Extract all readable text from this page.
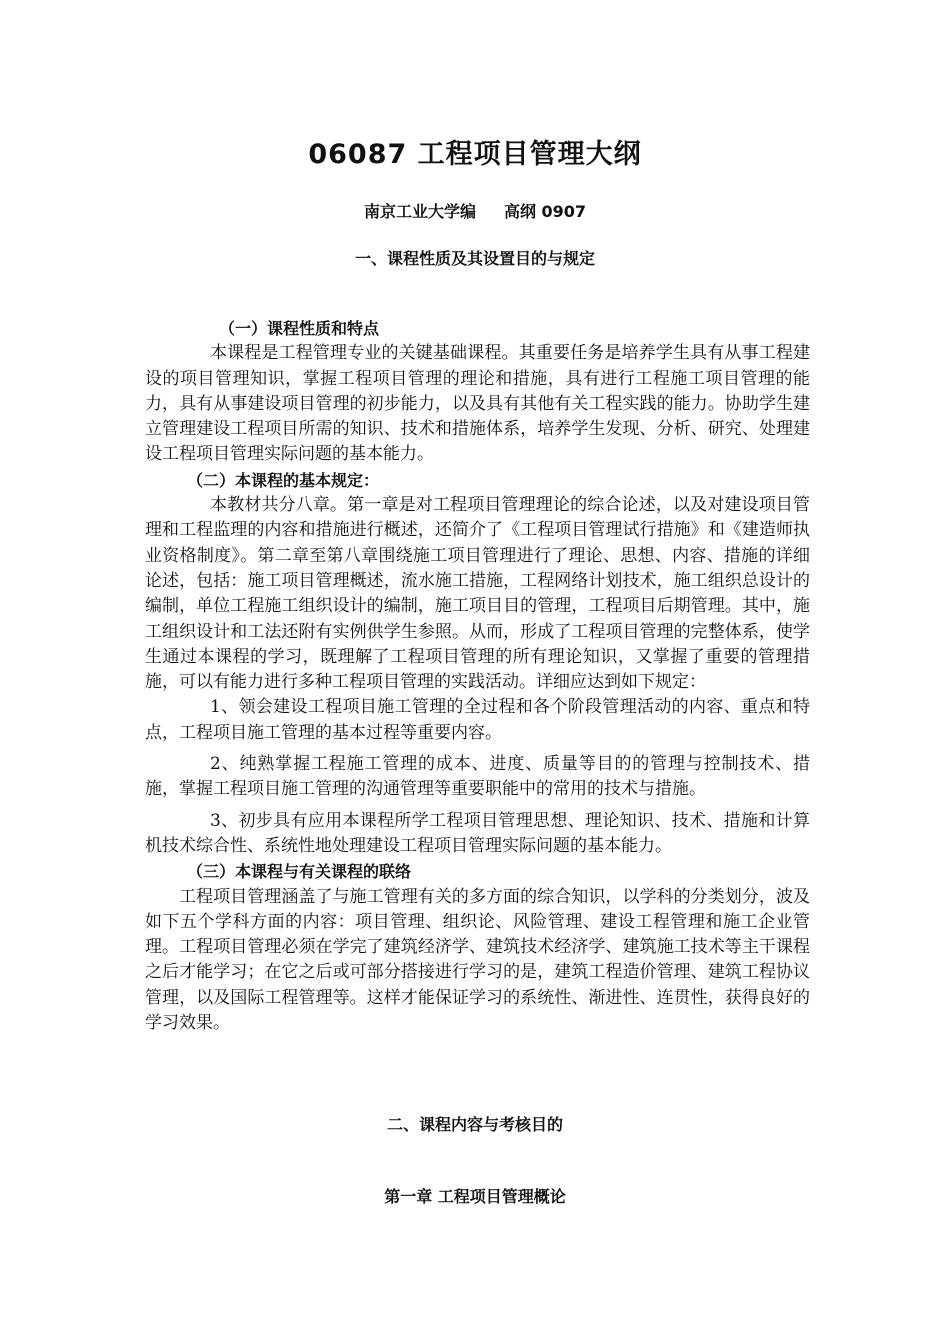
06087 工程项目管理大纲
南京工业大学编 高纲 0907
一、课程性质及其设置目的与规定
（一）课程性质和特点

本课程是工程管理专业的关键基础课程。其重要任务是培养学生具有从事工程建设的项目管理知识，掌握工程项目管理的理论和措施，具有进行工程施工项目管理的能力，具有从事建设项目管理的初步能力，以及具有其他有关工程实践的能力。协助学生建立管理建设工程项目所需的知识、技术和措施体系，培养学生发现、分析、研究、处理建设工程项目管理实际问题的基本能力。

（二）本课程的基本规定：

本教材共分八章。第一章是对工程项目管理理论的综合论述，以及对建设项目管理和工程监理的内容和措施进行概述，还简介了《工程项目管理试行措施》和《建造师执业资格制度》。第二章至第八章围绕施工项目管理进行了理论、思想、内容、措施的详细论述，包括：施工项目管理概述，流水施工措施，工程网络计划技术，施工组织总设计的编制，单位工程施工组织设计的编制，施工项目目的管理，工程项目后期管理。其中，施工组织设计和工法还附有实例供学生参照。从而，形成了工程项目管理的完整体系，使学生通过本课程的学习，既理解了工程项目管理的所有理论知识，又掌握了重要的管理措施，可以有能力进行多种工程项目管理的实践活动。详细应达到如下规定：

1、领会建设工程项目施工管理的全过程和各个阶段管理活动的内容、重点和特点，工程项目施工管理的基本过程等重要内容。

2、纯熟掌握工程施工管理的成本、进度、质量等目的的管理与控制技术、措施，掌握工程项目施工管理的沟通管理等重要职能中的常用的技术与措施。

3、初步具有应用本课程所学工程项目管理思想、理论知识、技术、措施和计算机技术综合性、系统性地处理建设工程项目管理实际问题的基本能力。

（三）本课程与有关课程的联络

工程项目管理涵盖了与施工管理有关的多方面的综合知识，以学科的分类划分，波及如下五个学科方面的内容：项目管理、组织论、风险管理、建设工程管理和施工企业管理。工程项目管理必须在学完了建筑经济学、建筑技术经济学、建筑施工技术等主干课程之后才能学习；在它之后或可部分搭接进行学习的是，建筑工程造价管理、建筑工程协议管理，以及国际工程管理等。这样才能保证学习的系统性、渐进性、连贯性，获得良好的学习效果。

二、课程内容与考核目的
第一章 工程项目管理概论
